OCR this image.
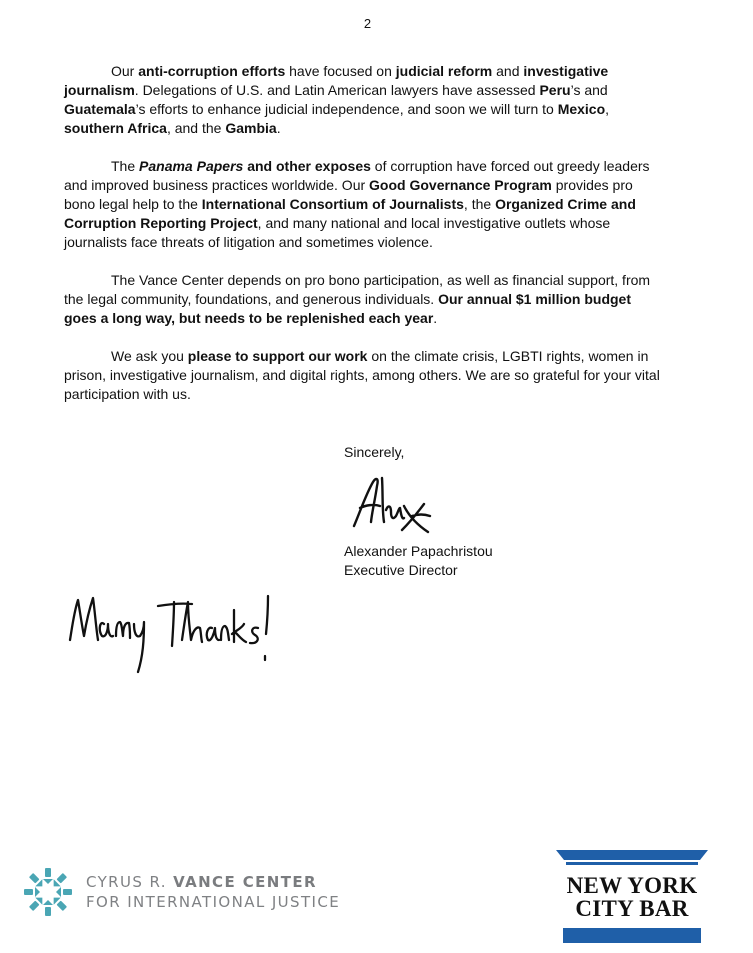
2

Our anti-corruption efforts have focused on judicial reform and investigative journalism. Delegations of U.S. and Latin American lawyers have assessed Peru’s and Guatemala’s efforts to enhance judicial independence, and soon we will turn to Mexico, southern Africa, and the Gambia.

The Panama Papers and other exposes of corruption have forced out greedy leaders and improved business practices worldwide. Our Good Governance Program provides pro bono legal help to the International Consortium of Journalists, the Organized Crime and Corruption Reporting Project, and many national and local investigative outlets whose journalists face threats of litigation and sometimes violence.

The Vance Center depends on pro bono participation, as well as financial support, from the legal community, foundations, and generous individuals. Our annual $1 million budget goes a long way, but needs to be replenished each year.

We ask you please to support our work on the climate crisis, LGBTI rights, women in prison, investigative journalism, and digital rights, among others. We are so grateful for your vital participation with us.

Sincerely,
Alexander Papachristou
Executive Director
CYRUS R. VANCE CENTER
FOR INTERNATIONAL JUSTICE
NEW YORK
CITY BAR
